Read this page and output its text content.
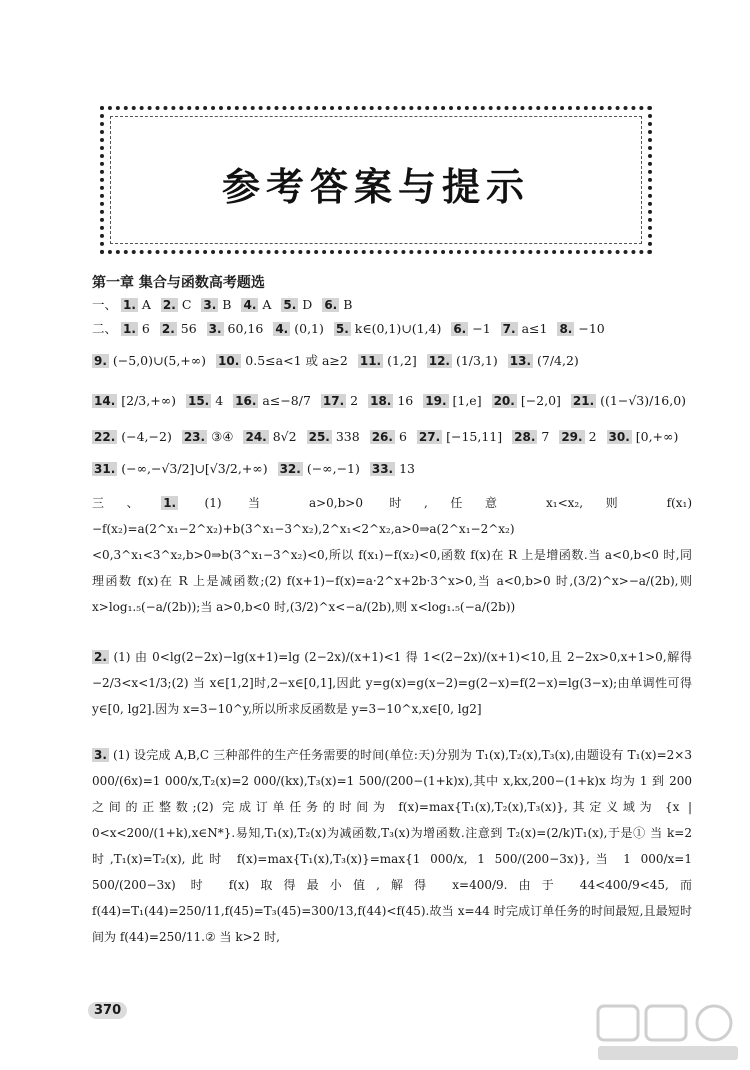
参考答案与提示
第一章 集合与函数高考题选
一、 1. A 2. C 3. B 4. A 5. D 6. B
二、 1. 6 2. 56 3. 60,16 4. (0,1) 5. k∈(0,1)∪(1,4) 6. −1 7. a≤1 8. −10
9. (−5,0)∪(5,+∞) 10. 0.5≤a<1 或 a≥2 11. (1,2] 12. (1/3,1) 13. (7/4,2)
14. [2/3,+∞) 15. 4 16. a≤−8/7 17. 2 18. 16 19. [1,e] 20. [−2,0] 21. ((1−√3)/16,0)
22. (−4,−2) 23. ③④ 24. 8√2 25. 338 26. 6 27. [−15,11] 28. 7 29. 2 30. [0,+∞)
31. (−∞,−√3/2]∪[√3/2,+∞) 32. (−∞,−1) 33. 13
三、 1. (1) 当 a>0,b>0 时,任意 x₁<x₂,则 f(x₁)−f(x₂)=a(2^x₁−2^x₂)+b(3^x₁−3^x₂),2^x₁<2^x₂,a>0⇒a(2^x₁−2^x₂)<0,3^x₁<3^x₂,b>0⇒b(3^x₁−3^x₂)<0,所以 f(x₁)−f(x₂)<0,函数 f(x)在 R 上是增函数.当 a<0,b<0 时,同理函数 f(x)在 R 上是减函数;(2) f(x+1)−f(x)=a·2^x+2b·3^x>0,当 a<0,b>0 时,(3/2)^x>−a/(2b),则 x>log₁.₅(−a/(2b));当 a>0,b<0 时,(3/2)^x<−a/(2b),则 x<log₁.₅(−a/(2b))
2. (1) 由 0<lg(2−2x)−lg(x+1)=lg (2−2x)/(x+1)<1 得 1<(2−2x)/(x+1)<10,且 2−2x>0,x+1>0,解得 −2/3<x<1/3;(2) 当 x∈[1,2]时,2−x∈[0,1],因此 y=g(x)=g(x−2)=g(2−x)=f(2−x)=lg(3−x);由单调性可得 y∈[0, lg2].因为 x=3−10^y,所以所求反函数是 y=3−10^x,x∈[0, lg2]
3. (1) 设完成 A,B,C 三种部件的生产任务需要的时间(单位:天)分别为 T₁(x),T₂(x),T₃(x),由题设有 T₁(x)=2×3 000/(6x)=1 000/x,T₂(x)=2 000/(kx),T₃(x)=1 500/(200−(1+k)x),其中 x,kx,200−(1+k)x 均为 1 到 200 之间的正整数;(2) 完成订单任务的时间为 f(x)=max{T₁(x),T₂(x),T₃(x)},其定义域为 {x | 0<x<200/(1+k),x∈N*}.易知,T₁(x),T₂(x)为减函数,T₃(x)为增函数.注意到 T₂(x)=(2/k)T₁(x),于是① 当 k=2 时,T₁(x)=T₂(x),此时 f(x)=max{T₁(x),T₃(x)}=max{1 000/x, 1 500/(200−3x)},当 1 000/x=1 500/(200−3x) 时 f(x)取得最小值,解得 x=400/9.由于 44<400/9<45,而 f(44)=T₁(44)=250/11,f(45)=T₃(45)=300/13,f(44)<f(45).故当 x=44 时完成订单任务的时间最短,且最短时间为 f(44)=250/11.② 当 k>2 时,
370
